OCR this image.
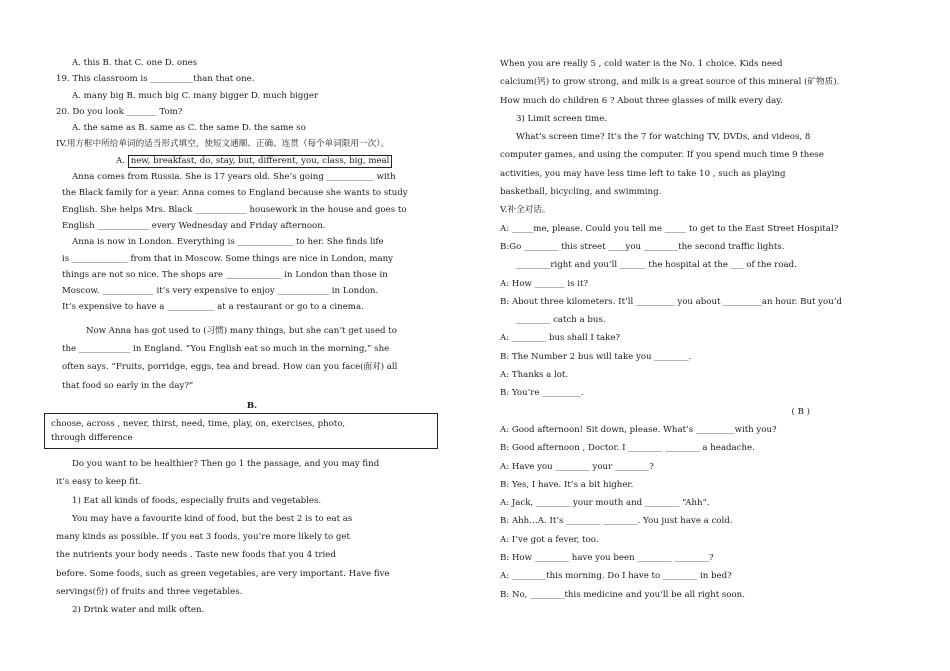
A. this B. that C. one D. ones
19. This classroom is __________than that one.
A. many big B. much big C. many bigger D. much bigger
20. Do you look _______ Tom?
A. the same as B. same as C. the same D. the same so
IV.用方框中所给单词的适当形式填空，使短文通顺、正确、连贯（每个单词限用一次）。
A. new, breakfast, do, stay, but, different, you, class, big, meal
Anna comes from Russia. She is 17 years old. She’s going ___________ with
the Black family for a year. Anna comes to England because she wants to study
English. She helps Mrs. Black ____________ housework in the house and goes to
English ____________ every Wednesday and Friday afternoon.
Anna is now in London. Everything is _____________ to her. She finds life
is _____________ from that in Moscow. Some things are nice in London, many
things are not so nice. The shops are _____________ in London than those in
Moscow. ____________ it’s very expensive to enjoy ____________ in London.
It’s expensive to have a ___________ at a restaurant or go to a cinema.
Now Anna has got used to (习惯) many things, but she can’t get used to
the ____________ in England. “You English eat so much in the morning,” she
often says. “Fruits, porridge, eggs, tea and bread. How can you face(面对) all
that food so early in the day?”
B.
choose, across , never, thirst, need, time, play, on, exercises, photo,
through difference
Do you want to be healthier? Then go 1 the passage, and you may find
it’s easy to keep fit.
1) Eat all kinds of foods, especially fruits and vegetables.
You may have a favourite kind of food, but the best 2 is to eat as
many kinds as possible. If you eat 3 foods, you’re more likely to get
the nutrients your body needs . Taste new foods that you 4 tried
before. Some foods, such as green vegetables, are very important. Have five
servings(份) of fruits and three vegetables.
2) Drink water and milk often.
When you are really 5 , cold water is the No. 1 choice. Kids need
calcium(钙) to grow strong, and milk is a great source of this mineral (矿物质).
How much do children 6 ? About three glasses of milk every day.
3) Limit screen time.
What’s screen time? It’s the 7 for watching TV, DVDs, and videos, 8
computer games, and using the computer. If you spend much time 9 these
activities, you may have less time left to take 10 , such as playing
basketball, bicycling, and swimming.
V.补全对话。
A: _____me, please. Could you tell me _____ to get to the East Street Hospital?
B:Go ________ this street ____you ________the second traffic lights.
________right and you’ll ______ the hospital at the ___ of the road.
A: How _______ is it?
B: About three kilometers. It’ll _________ you about _________an hour. But you’d
________ catch a bus.
A: ________ bus shall I take?
B: The Number 2 bus will take you ________.
A: Thanks a lot.
B: You’re _________.
( B )
A: Good afternoon! Sit down, please. What’s _________with you?
B: Good afternoon , Doctor. I ________ ________ a headache.
A: Have you ________ your ________?
B: Yes, I have. It’s a bit higher.
A: Jack, ________ your mouth and ________ “Ahh”.
B: Ahh…A. It’s ________ ________. You just have a cold.
A: I’ve got a fever, too.
B: How ________ have you been ________ ________?
A: ________this morning. Do I have to ________ in bed?
B: No, ________this medicine and you’ll be all right soon.
